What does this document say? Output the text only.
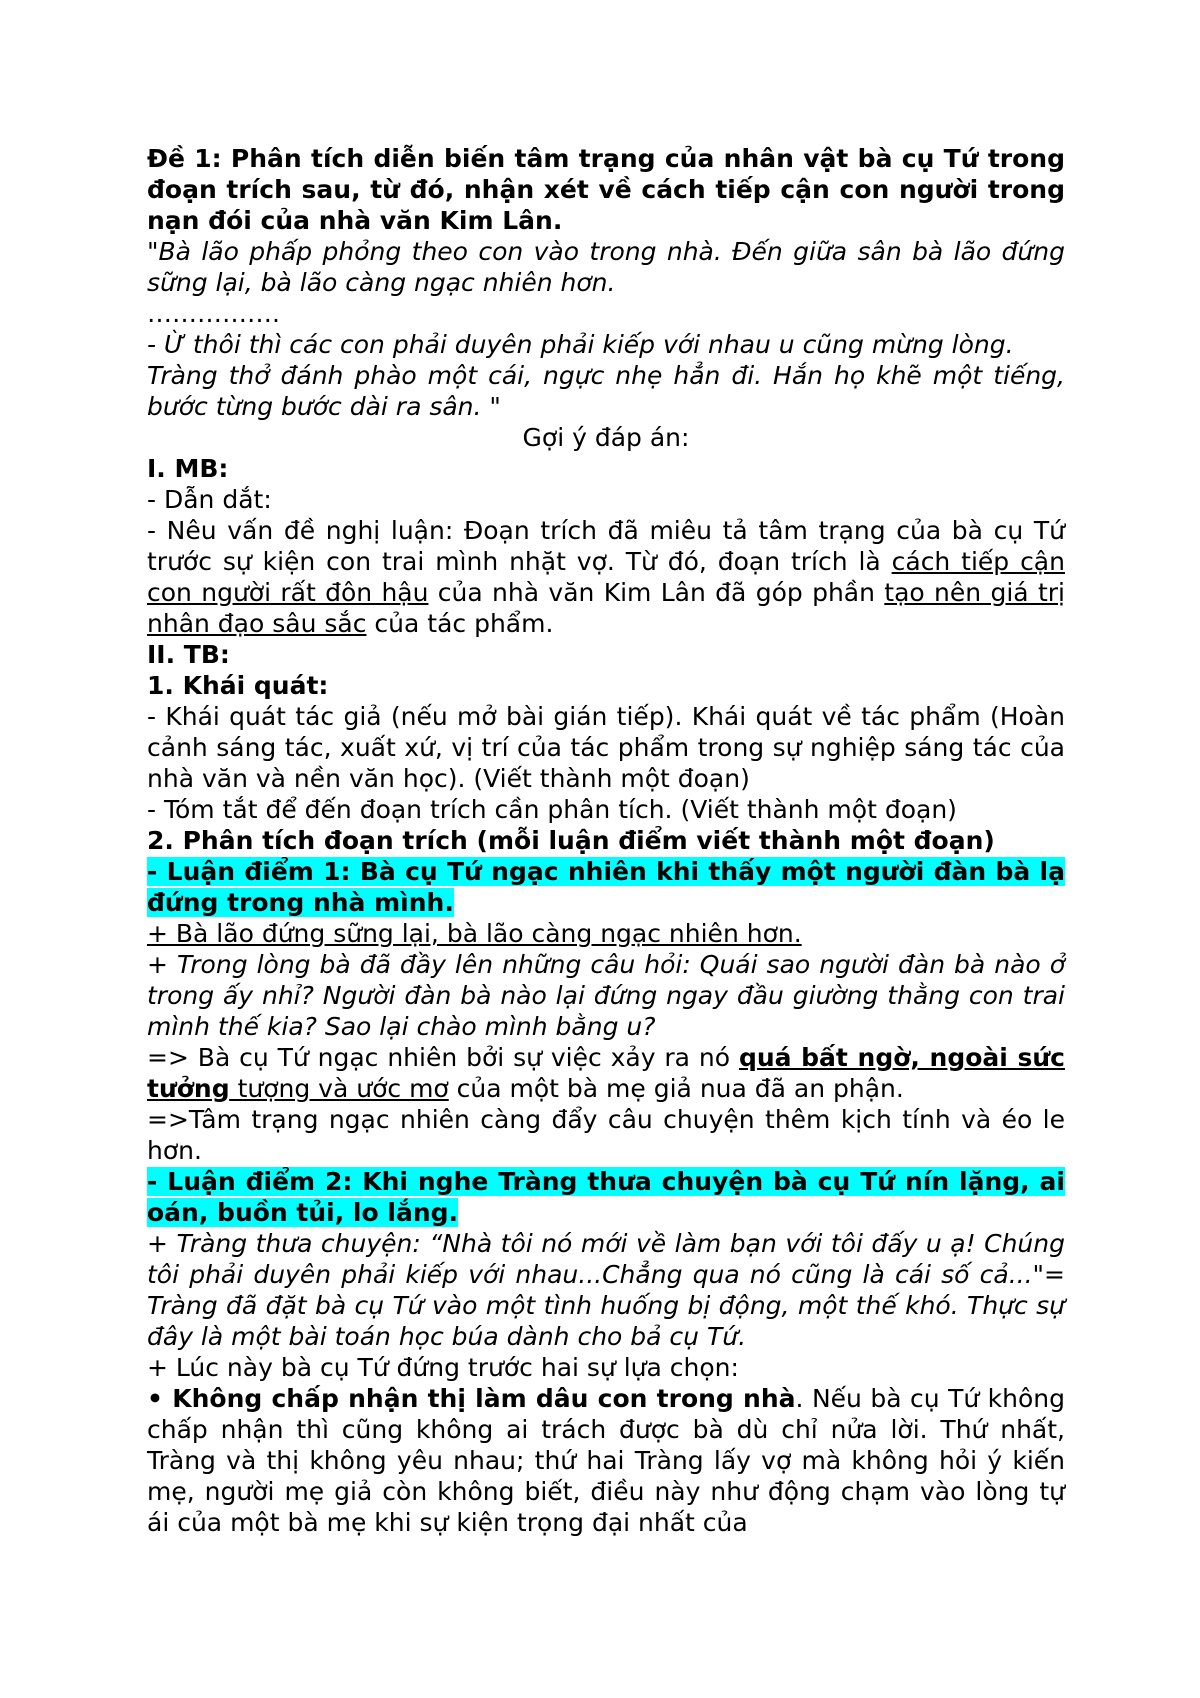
Đề 1: Phân tích diễn biến tâm trạng của nhân vật bà cụ Tứ trong đoạn trích sau, từ đó, nhận xét về cách tiếp cận con người trong nạn đói của nhà văn Kim Lân.

"Bà lão phấp phỏng theo con vào trong nhà. Đến giữa sân bà lão đứng sững lại, bà lão càng ngạc nhiên hơn.

…………….

- Ừ thôi thì các con phải duyên phải kiếp với nhau u cũng mừng lòng.

Tràng thở đánh phào một cái, ngực nhẹ hẳn đi. Hắn họ khẽ một tiếng, bước từng bước dài ra sân. "

Gợi ý đáp án:

I. MB:

- Dẫn dắt:

- Nêu vấn đề nghị luận: Đoạn trích đã miêu tả tâm trạng của bà cụ Tứ trước sự kiện con trai mình nhặt vợ. Từ đó, đoạn trích là cách tiếp cận con người rất đôn hậu của nhà văn Kim Lân đã góp phần tạo nên giá trị nhân đạo sâu sắc của tác phẩm.

II. TB:

1. Khái quát:

- Khái quát tác giả (nếu mở bài gián tiếp). Khái quát về tác phẩm (Hoàn cảnh sáng tác, xuất xứ, vị trí của tác phẩm trong sự nghiệp sáng tác của nhà văn và nền văn học). (Viết thành một đoạn)

- Tóm tắt để đến đoạn trích cần phân tích. (Viết thành một đoạn)

2. Phân tích đoạn trích (mỗi luận điểm viết thành một đoạn)

- Luận điểm 1: Bà cụ Tứ ngạc nhiên khi thấy một người đàn bà lạ đứng trong nhà mình.

+ Bà lão đứng sững lại, bà lão càng ngạc nhiên hơn.

+ Trong lòng bà đã đầy lên những câu hỏi: Quái sao người đàn bà nào ở trong ấy nhỉ? Người đàn bà nào lại đứng ngay đầu giường thằng con trai mình thế kia? Sao lại chào mình bằng u?

=> Bà cụ Tứ ngạc nhiên bởi sự việc xảy ra nó quá bất ngờ, ngoài sức tưởng tượng và ước mơ của một bà mẹ giả nua đã an phận.

=>Tâm trạng ngạc nhiên càng đẩy câu chuyện thêm kịch tính và éo le hơn.

- Luận điểm 2: Khi nghe Tràng thưa chuyện bà cụ Tứ nín lặng, ai oán, buồn tủi, lo lắng.

+ Tràng thưa chuyện: “Nhà tôi nó mới về làm bạn với tôi đấy u ạ! Chúng tôi phải duyên phải kiếp với nhau...Chẳng qua nó cũng là cái số cả..."= Tràng đã đặt bà cụ Tứ vào một tình huống bị động, một thế khó. Thực sự đây là một bài toán học búa dành cho bả cụ Tứ.

+ Lúc này bà cụ Tứ đứng trước hai sự lựa chọn:

• Không chấp nhận thị làm dâu con trong nhà. Nếu bà cụ Tứ không chấp nhận thì cũng không ai trách được bà dù chỉ nửa lời. Thứ nhất, Tràng và thị không yêu nhau; thứ hai Tràng lấy vợ mà không hỏi ý kiến mẹ, người mẹ giả còn không biết, điều này như động chạm vào lòng tự ái của một bà mẹ khi sự kiện trọng đại nhất của
